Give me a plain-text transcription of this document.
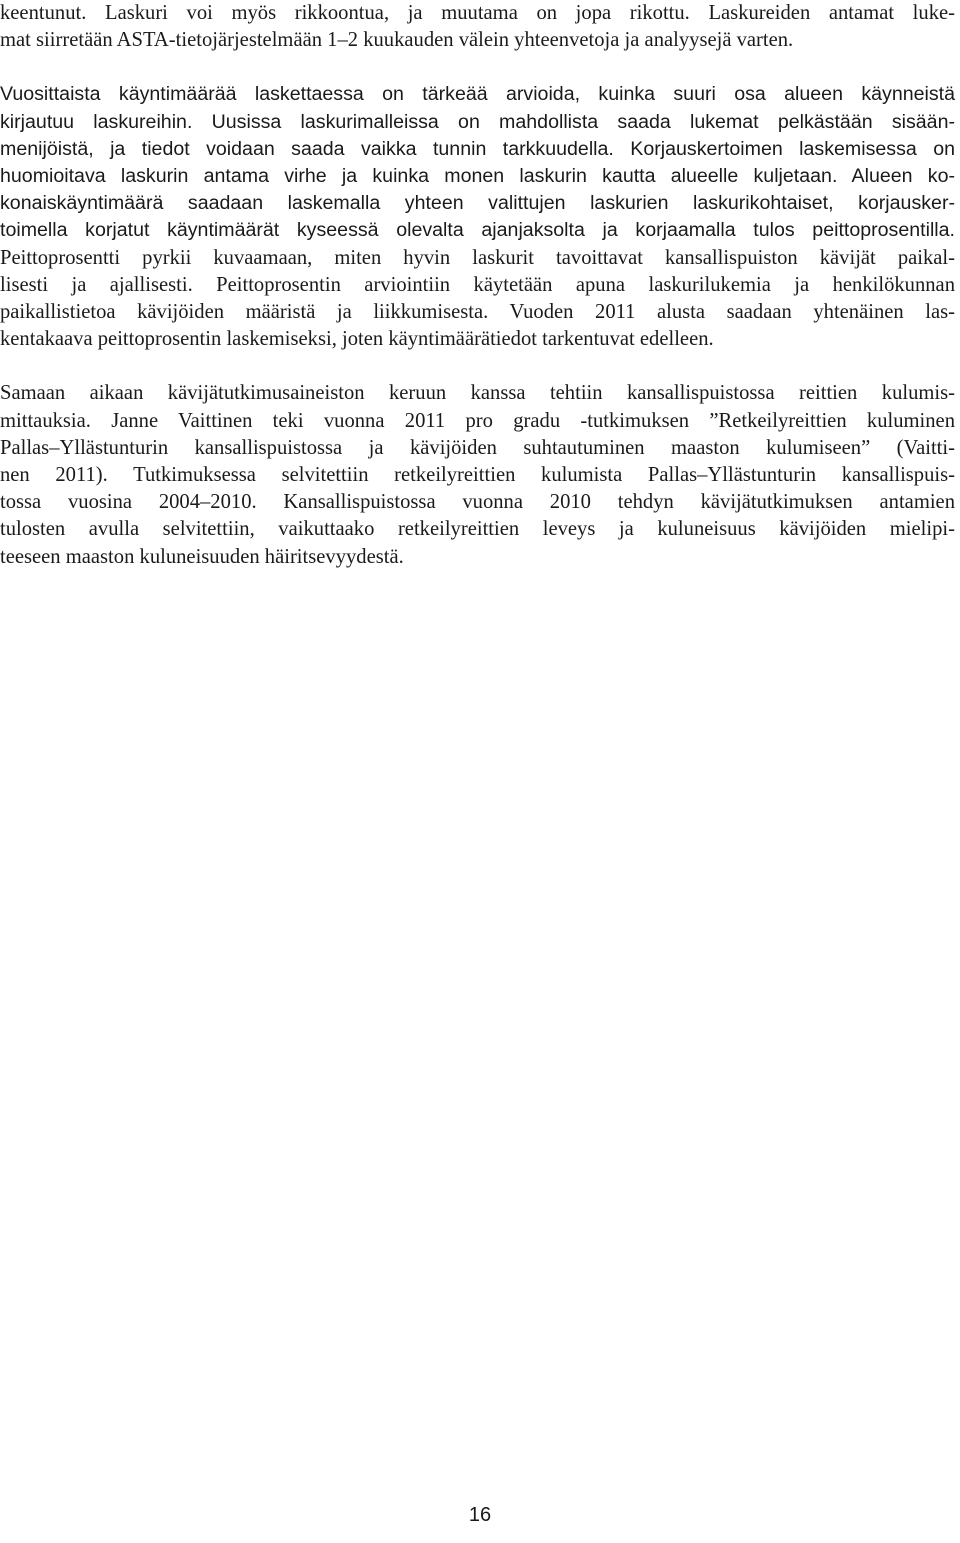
keentunut. Laskuri voi myös rikkoontua, ja muutama on jopa rikottu. Laskureiden antamat luke-
mat siirretään ASTA-tietojärjestelmään 1–2 kuukauden välein yhteenvetoja ja analyysejä varten.

Vuosittaista käyntimäärää laskettaessa on tärkeää arvioida, kuinka suuri osa alueen käynneistä
kirjautuu laskureihin. Uusissa laskurimalleissa on mahdollista saada lukemat pelkästään sisään-
menijöistä, ja tiedot voidaan saada vaikka tunnin tarkkuudella. Korjauskertoimen laskemisessa on
huomioitava laskurin antama virhe ja kuinka monen laskurin kautta alueelle kuljetaan. Alueen ko-
konaiskäyntimäärä saadaan laskemalla yhteen valittujen laskurien laskurikohtaiset, korjausker-
toimella korjatut käyntimäärät kyseessä olevalta ajanjaksolta ja korjaamalla tulos peittoprosentilla.
Peittoprosentti pyrkii kuvaamaan, miten hyvin laskurit tavoittavat kansallispuiston kävijät paikal-
lisesti ja ajallisesti. Peittoprosentin arviointiin käytetään apuna laskurilukemia ja henkilökunnan
paikallistietoa kävijöiden määristä ja liikkumisesta. Vuoden 2011 alusta saadaan yhtenäinen las-
kentakaava peittoprosentin laskemiseksi, joten käyntimäärätiedot tarkentuvat edelleen.

Samaan aikaan kävijätutkimusaineiston keruun kanssa tehtiin kansallispuistossa reittien kulumis-
mittauksia. Janne Vaittinen teki vuonna 2011 pro gradu -tutkimuksen ”Retkeilyreittien kuluminen
Pallas–Yllästunturin kansallispuistossa ja kävijöiden suhtautuminen maaston kulumiseen” (Vaitti-
nen 2011). Tutkimuksessa selvitettiin retkeilyreittien kulumista Pallas–Yllästunturin kansallispuis-
tossa vuosina 2004–2010. Kansallispuistossa vuonna 2010 tehdyn kävijätutkimuksen antamien
tulosten avulla selvitettiin, vaikuttaako retkeilyreittien leveys ja kuluneisuus kävijöiden mielipi-
teeseen maaston kuluneisuuden häiritsevyydestä.

16
